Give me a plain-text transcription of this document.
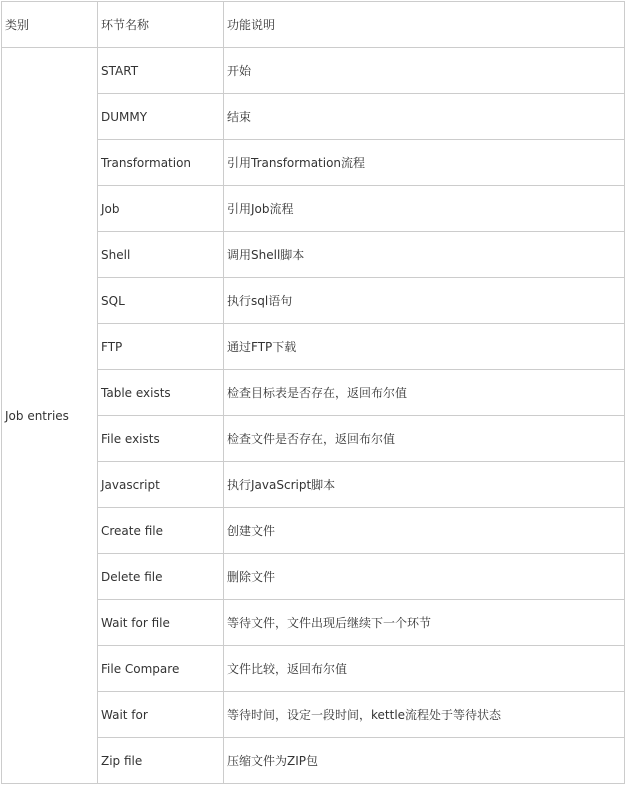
类别	环节名称	功能说明
Job entries	START	开始
	DUMMY	结束
	Transformation	引用Transformation流程
	Job	引用Job流程
	Shell	调用Shell脚本
	SQL	执行sql语句
	FTP	通过FTP下载
	Table exists	检查目标表是否存在，返回布尔值
	File exists	检查文件是否存在，返回布尔值
	Javascript	执行JavaScript脚本
	Create file	创建文件
	Delete file	删除文件
	Wait for file	等待文件，文件出现后继续下一个环节
	File Compare	文件比较，返回布尔值
	Wait for	等待时间，设定一段时间，kettle流程处于等待状态
	Zip file	压缩文件为ZIP包
